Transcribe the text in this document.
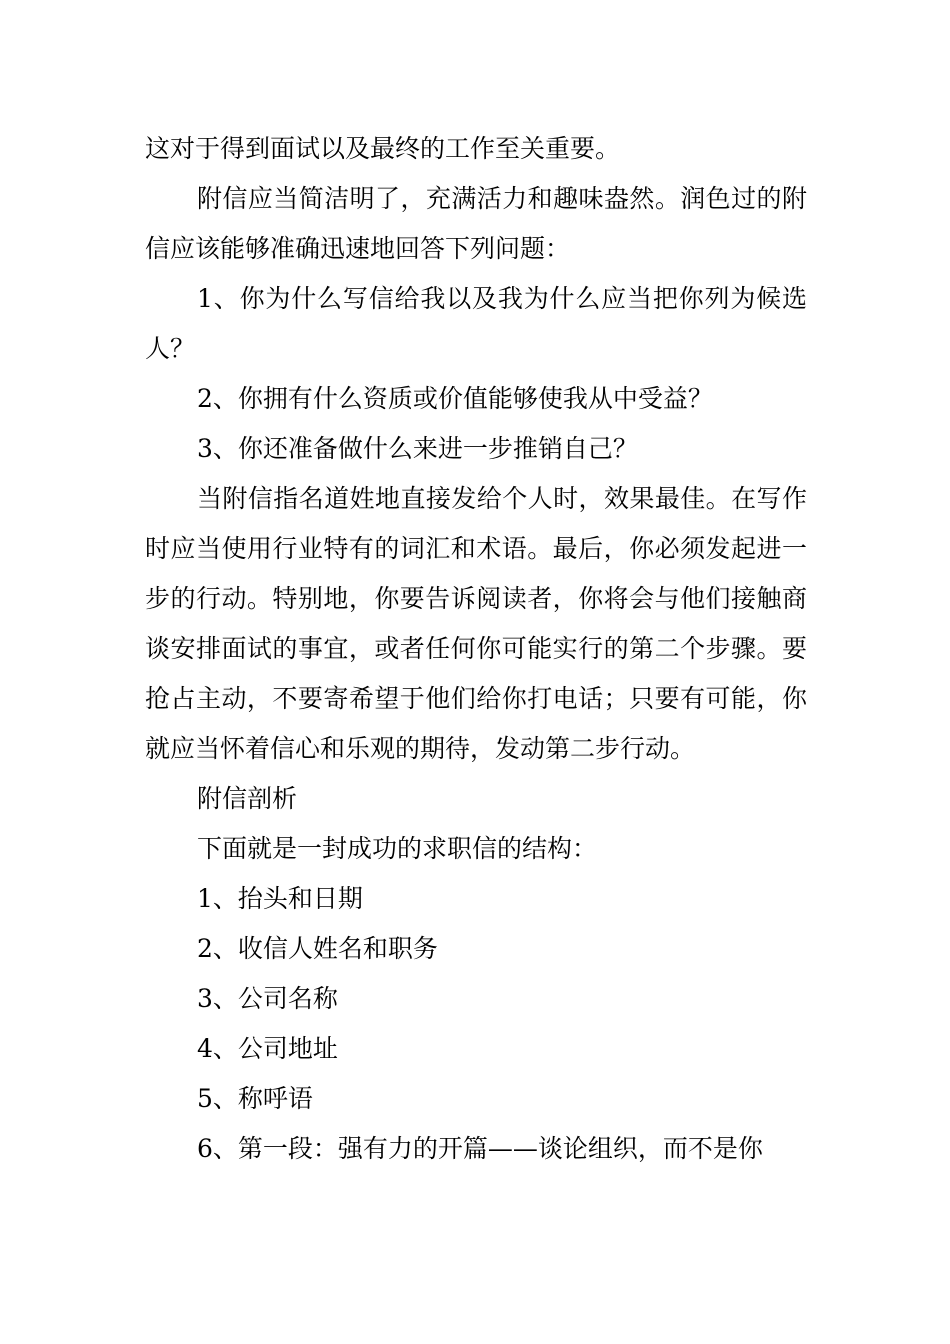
这对于得到面试以及最终的工作至关重要。

附信应当简洁明了，充满活力和趣味盎然。润色过的附信应该能够准确迅速地回答下列问题：

1、你为什么写信给我以及我为什么应当把你列为候选人？

2、你拥有什么资质或价值能够使我从中受益？

3、你还准备做什么来进一步推销自己？

当附信指名道姓地直接发给个人时，效果最佳。在写作时应当使用行业特有的词汇和术语。最后，你必须发起进一步的行动。特别地，你要告诉阅读者，你将会与他们接触商谈安排面试的事宜，或者任何你可能实行的第二个步骤。要抢占主动，不要寄希望于他们给你打电话；只要有可能，你就应当怀着信心和乐观的期待，发动第二步行动。

附信剖析

下面就是一封成功的求职信的结构：

1、抬头和日期

2、收信人姓名和职务

3、公司名称

4、公司地址

5、称呼语

6、第一段：强有力的开篇——谈论组织，而不是你
